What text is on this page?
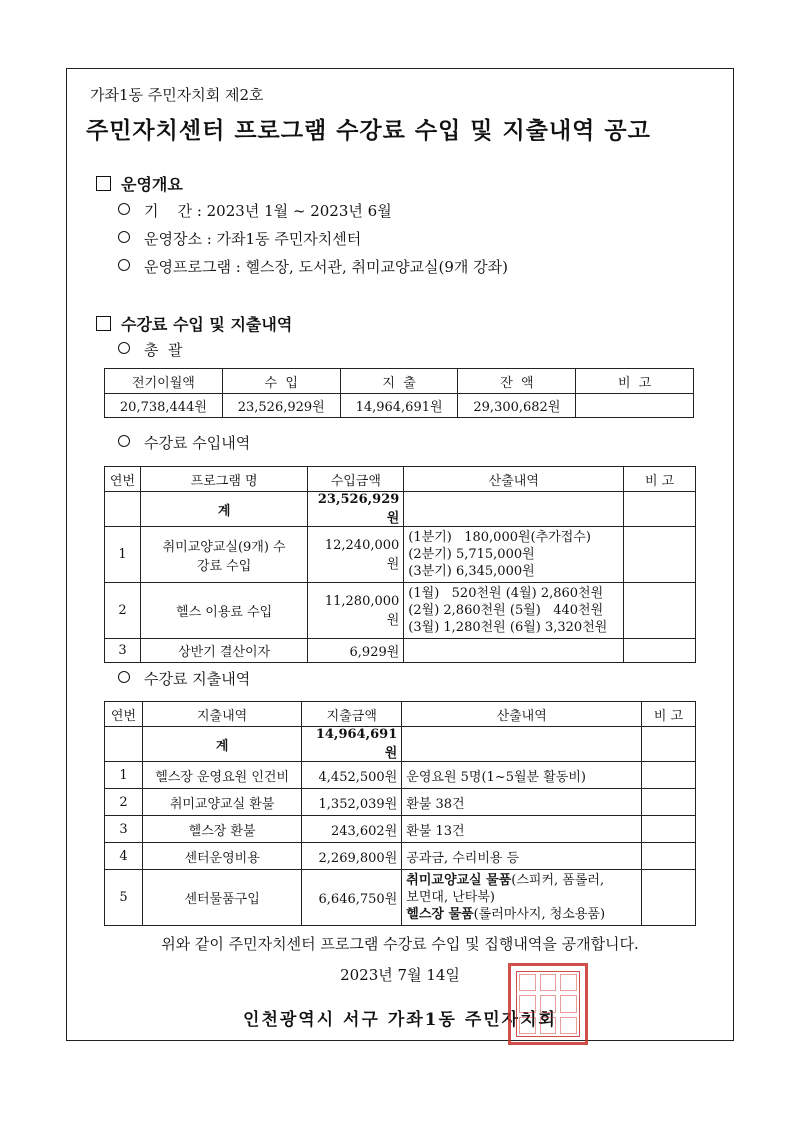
가좌1동 주민자치회 제2호
주민자치센터 프로그램 수강료 수입 및 지출내역 공고
운영개요
기    간 : 2023년 1월 ~ 2023년 6월
운영장소 : 가좌1동 주민자치센터
운영프로그램 : 헬스장, 도서관, 취미교양교실(9개 강좌)
수강료 수입 및 지출내역
총  괄
전기이월액	수  입	지  출	잔  액	비  고
20,738,444원	23,526,929원	14,964,691원	29,300,682원	
수강료 수입내역
연번	프로그램 명	수입금액	산출내역	비 고
	계	23,526,929원		
1	취미교양교실(9개) 수강료 수입	12,240,000원	(1분기)   180,000원(추가접수)
(2분기) 5,715,000원
(3분기) 6,345,000원	

2	헬스 이용료 수입	11,280,000원	(1월)   520천원 (4월) 2,860천원
(2월) 2,860천원 (5월)   440천원
(3월) 1,280천원 (6월) 3,320천원	

3	상반기 결산이자	6,929원		
수강료 지출내역
연번	지출내역	지출금액	산출내역	비 고
	계	14,964,691원		
1	헬스장 운영요원 인건비	4,452,500원	운영요원 5명(1~5월분 활동비)	
2	취미교양교실 환불	1,352,039원	환불 38건	
3	헬스장 환불	243,602원	환불 13건	
4	센터운영비용	2,269,800원	공과금, 수리비용 등	
5	센터물품구입	6,646,750원	취미교양교실 물품(스피커, 폼롤러,
보면대, 난타북)
헬스장 물품(롤러마사지, 청소용품)	

위와 같이 주민자치센터 프로그램 수강료 수입 및 집행내역을 공개합니다.
2023년 7월 14일
인천광역시 서구 가좌1동 주민자치회
